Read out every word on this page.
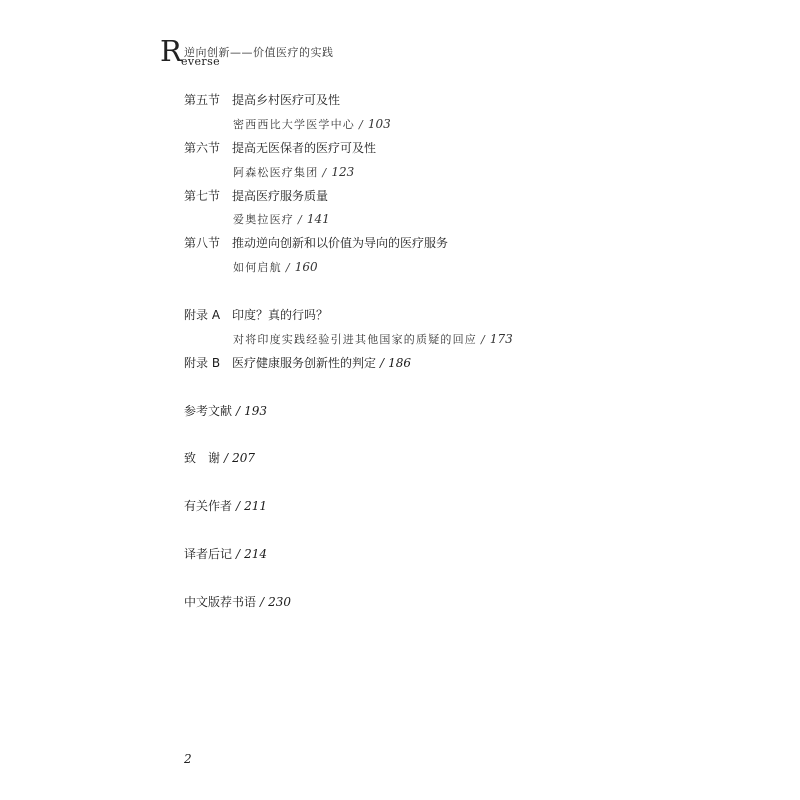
R 逆向创新——价值医疗的实践
everse
第五节 提高乡村医疗可及性
密西西比大学医学中心 / 103
第六节 提高无医保者的医疗可及性
阿森松医疗集团 / 123
第七节 提高医疗服务质量
爱奥拉医疗 / 141
第八节 推动逆向创新和以价值为导向的医疗服务
如何启航 / 160
附录 A 印度？真的行吗？
对将印度实践经验引进其他国家的质疑的回应 / 173
附录 B 医疗健康服务创新性的判定 / 186
参考文献 / 193
致　谢 / 207
有关作者 / 211
译者后记 / 214
中文版荐书语 / 230
2
